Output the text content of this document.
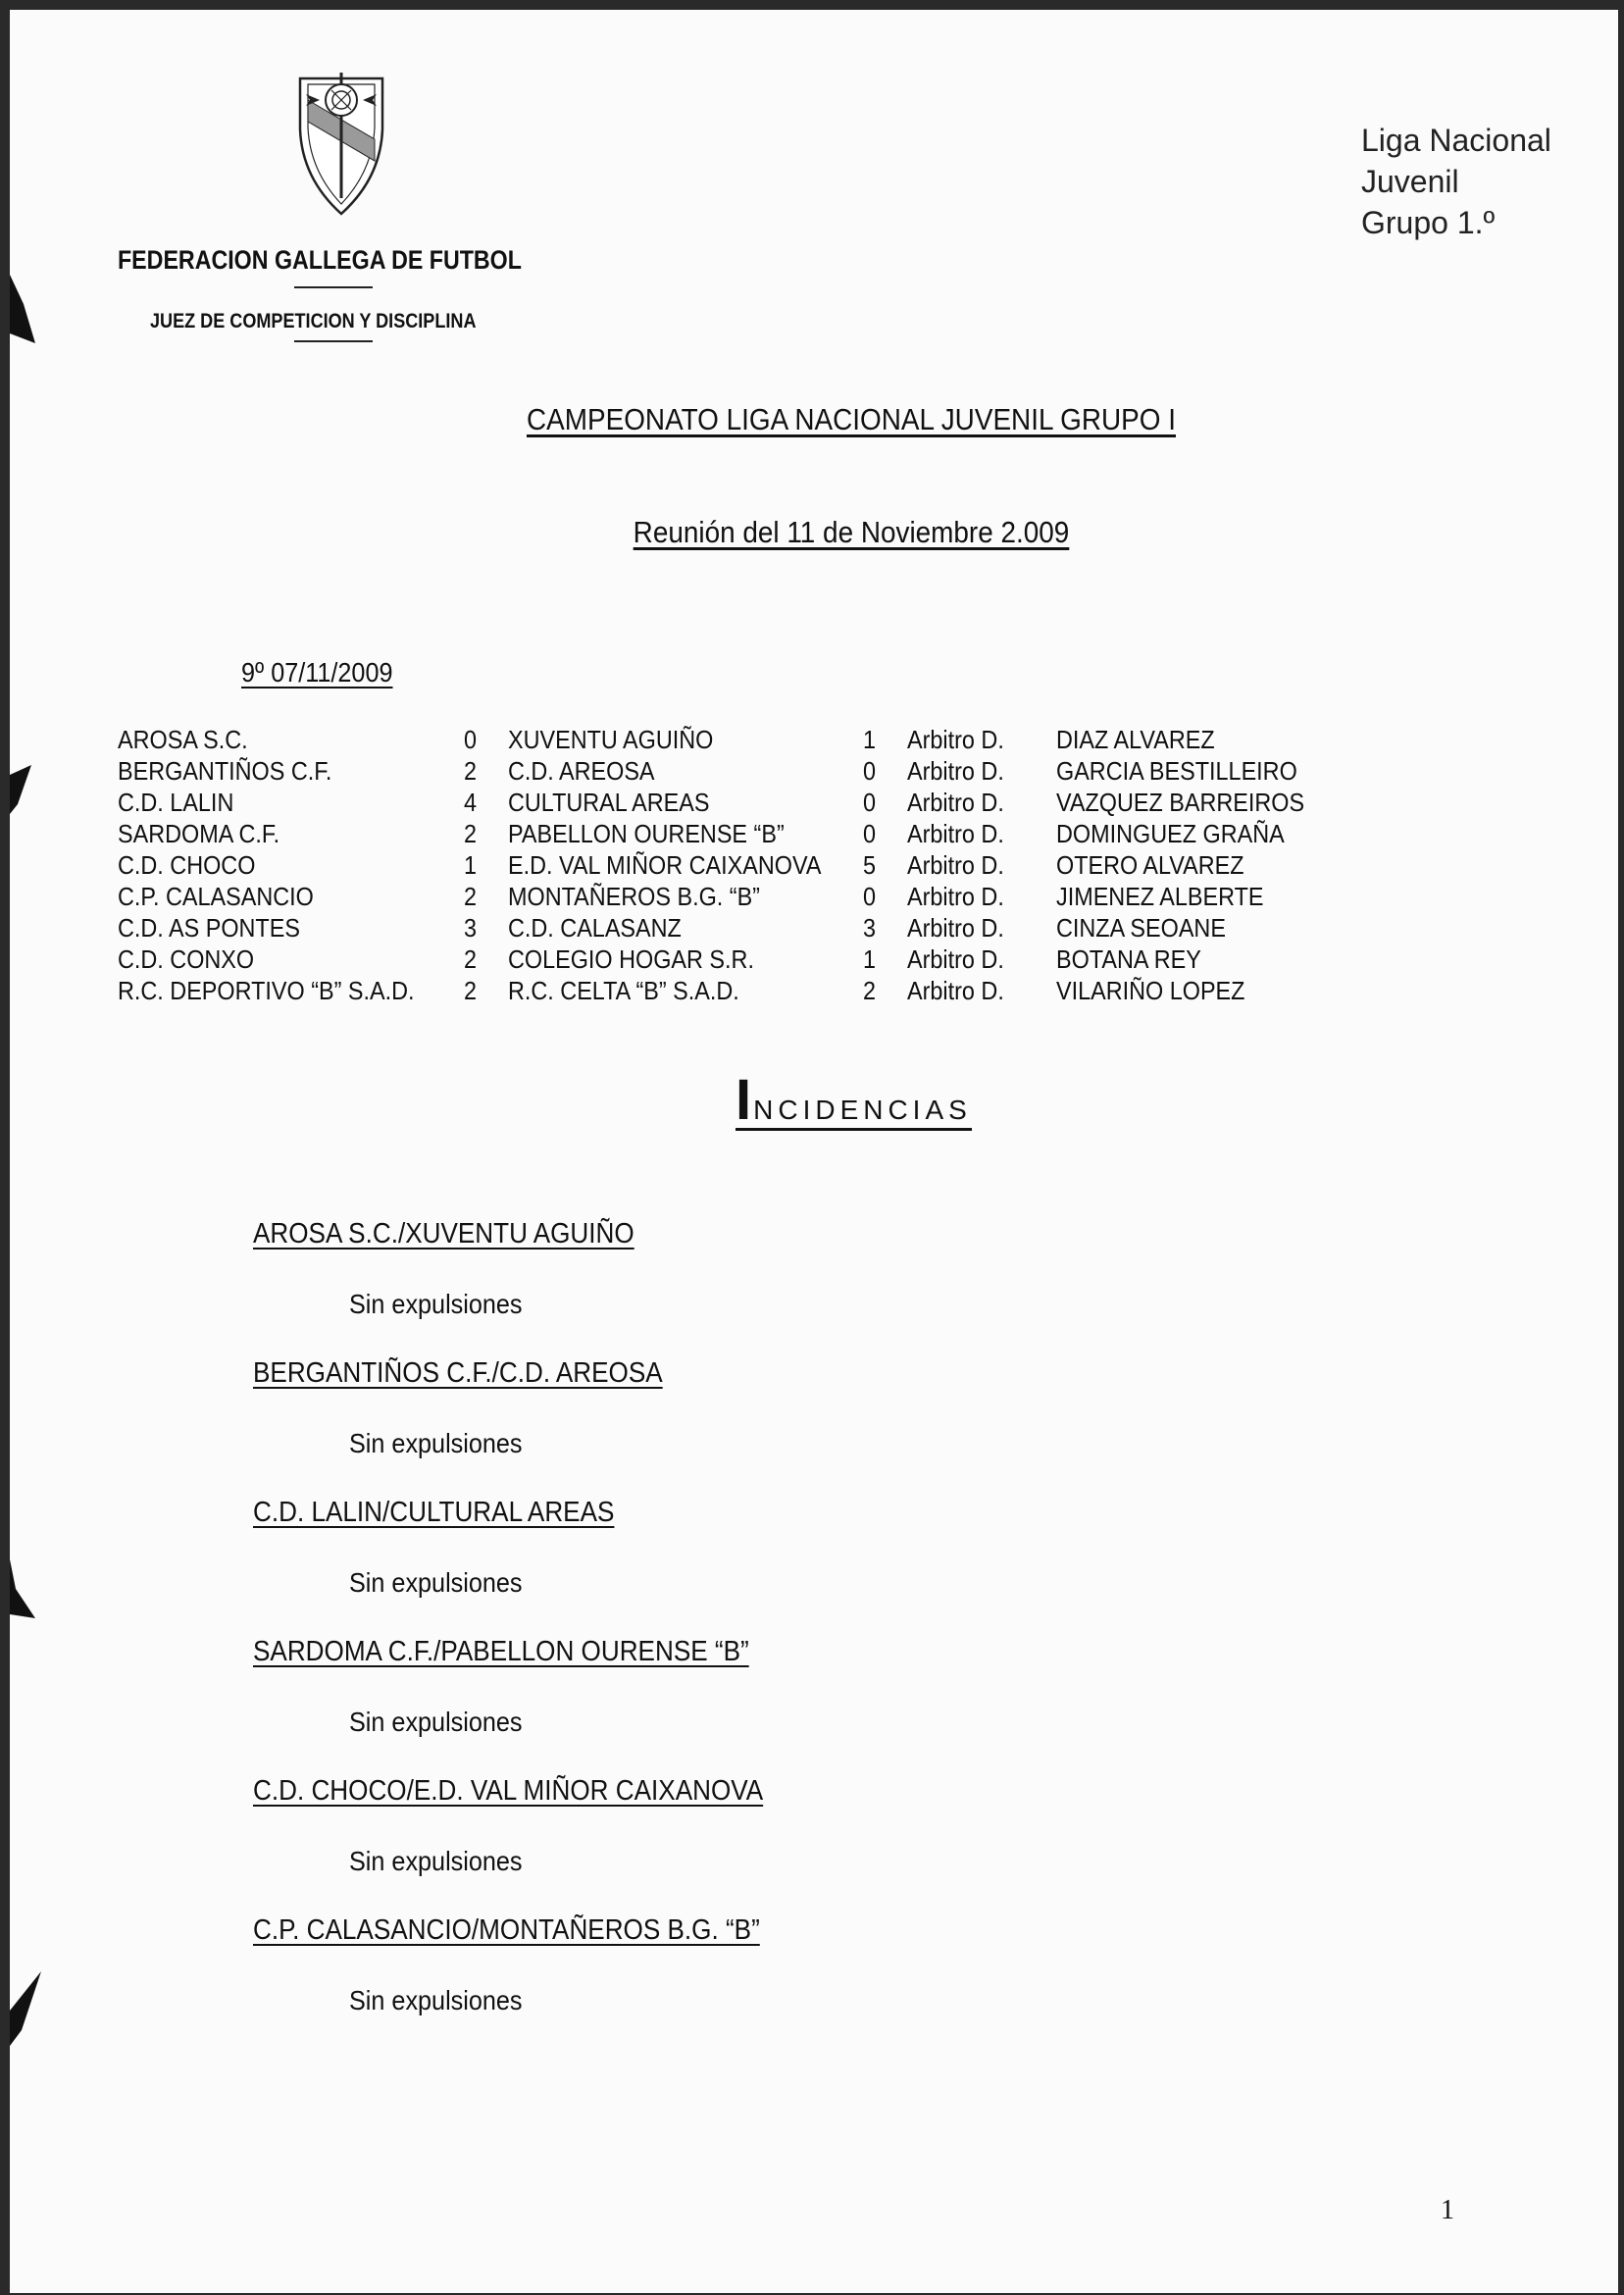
FEDERACION GALLEGA DE FUTBOL
JUEZ DE COMPETICION Y DISCIPLINA
Liga Nacional
Juvenil
Grupo 1.º
CAMPEONATO LIGA NACIONAL JUVENIL GRUPO I
Reunión del 11 de Noviembre 2.009
9º 07/11/2009
AROSA S.C.	0	XUVENTU AGUIÑO	1	Arbitro D.	DIAZ ALVAREZ
BERGANTIÑOS C.F.	2	C.D. AREOSA	0	Arbitro D.	GARCIA BESTILLEIRO
C.D. LALIN	4	CULTURAL AREAS	0	Arbitro D.	VAZQUEZ BARREIROS
SARDOMA C.F.	2	PABELLON OURENSE “B”	0	Arbitro D.	DOMINGUEZ GRAÑA
C.D. CHOCO	1	E.D. VAL MIÑOR CAIXANOVA	5	Arbitro D.	OTERO ALVAREZ
C.P. CALASANCIO	2	MONTAÑEROS B.G. “B”	0	Arbitro D.	JIMENEZ ALBERTE
C.D. AS PONTES	3	C.D. CALASANZ	3	Arbitro D.	CINZA SEOANE
C.D. CONXO	2	COLEGIO HOGAR S.R.	1	Arbitro D.	BOTANA REY
R.C. DEPORTIVO “B” S.A.D.	2	R.C. CELTA “B” S.A.D.	2	Arbitro D.	VILARIÑO LOPEZ
INCIDENCIAS
AROSA S.C./XUVENTU AGUIÑO
Sin expulsiones
BERGANTIÑOS C.F./C.D. AREOSA
Sin expulsiones
C.D. LALIN/CULTURAL AREAS
Sin expulsiones
SARDOMA C.F./PABELLON OURENSE “B”
Sin expulsiones
C.D. CHOCO/E.D. VAL MIÑOR CAIXANOVA
Sin expulsiones
C.P. CALASANCIO/MONTAÑEROS B.G. “B”
Sin expulsiones
1
